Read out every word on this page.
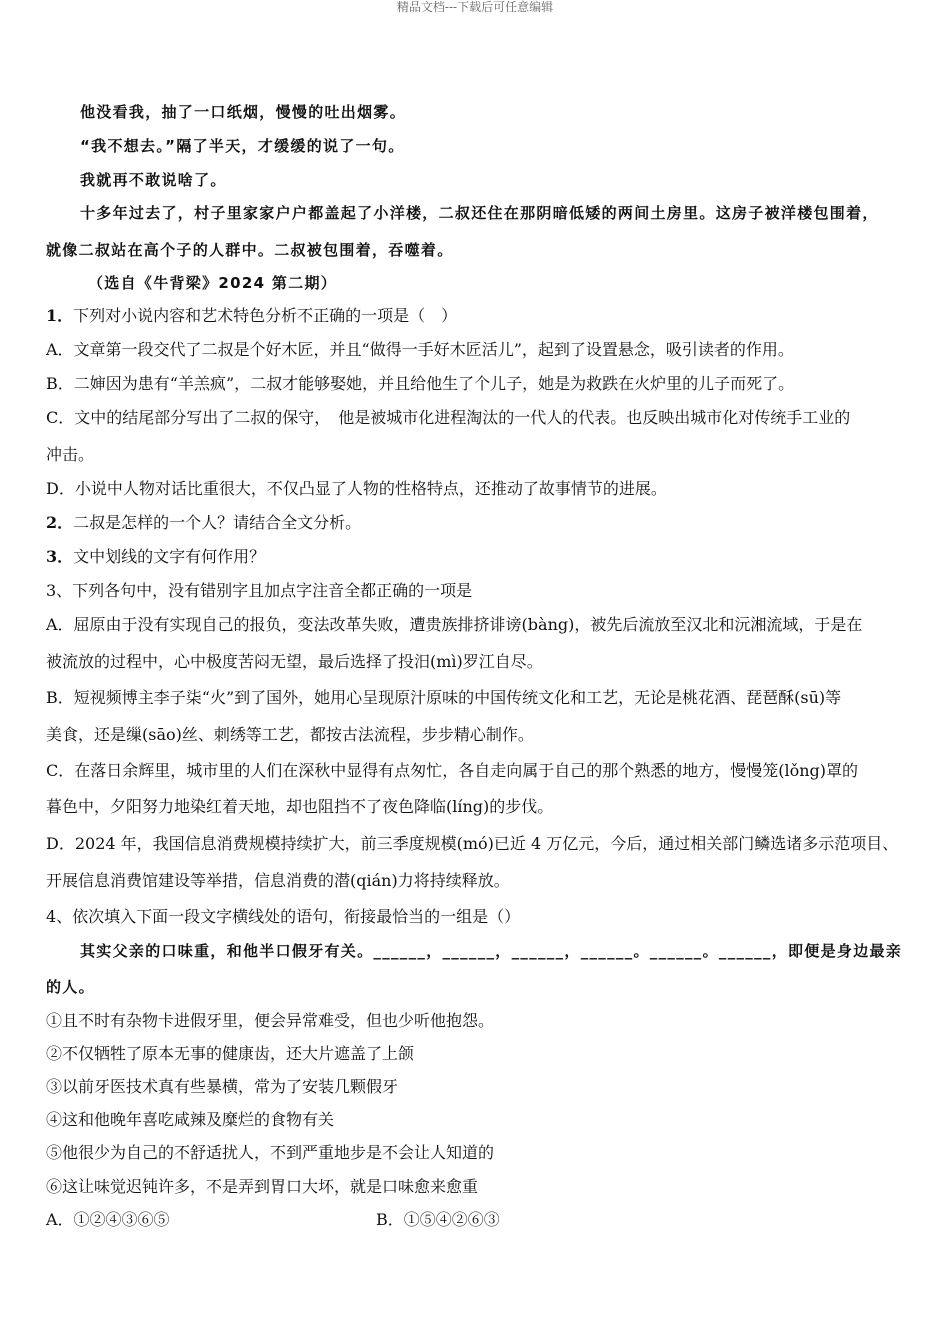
精品文档---下载后可任意编辑
他没看我，抽了一口纸烟，慢慢的吐出烟雾。
“我不想去。”隔了半天，才缓缓的说了一句。
我就再不敢说啥了。
十多年过去了，村子里家家户户都盖起了小洋楼，二叔还住在那阴暗低矮的两间土房里。这房子被洋楼包围着，
就像二叔站在高个子的人群中。二叔被包围着，吞噬着。
（选自《牛背梁》2024 第二期）
1．下列对小说内容和艺术特色分析不正确的一项是（　）
A．文章第一段交代了二叔是个好木匠，并且“做得一手好木匠活儿”，起到了设置悬念，吸引读者的作用。
B．二婶因为患有“羊羔疯”，二叔才能够娶她，并且给他生了个儿子，她是为救跌在火炉里的儿子而死了。
C．文中的结尾部分写出了二叔的保守，　他是被城市化进程淘汰的一代人的代表。也反映出城市化对传统手工业的
冲击。
D．小说中人物对话比重很大，不仅凸显了人物的性格特点，还推动了故事情节的进展。
2．二叔是怎样的一个人？请结合全文分析。
3．文中划线的文字有何作用？
3、下列各句中，没有错别字且加点字注音全都正确的一项是
A．屈原由于没有实现自己的报负，变法改革失败，遭贵族排挤诽谤(bàng)，被先后流放至汉北和沅湘流域，于是在
被流放的过程中，心中极度苦闷无望，最后选择了投汨(mì)罗江自尽。
B．短视频博主李子柒“火”到了国外，她用心呈现原汁原味的中国传统文化和工艺，无论是桃花酒、琵琶酥(sū)等
美食，还是缫(sāo)丝、刺绣等工艺，都按古法流程，步步精心制作。
C．在落日余辉里，城市里的人们在深秋中显得有点匆忙，各自走向属于自己的那个熟悉的地方，慢慢笼(lǒng)罩的
暮色中，夕阳努力地染红着天地，却也阻挡不了夜色降临(líng)的步伐。
D．2024 年，我国信息消费规模持续扩大，前三季度规模(mó)已近 4 万亿元，今后，通过相关部门鳞选诸多示范项目、
开展信息消费馆建设等举措，信息消费的潜(qián)力将持续释放。
4、依次填入下面一段文字横线处的语句，衔接最恰当的一组是（）
其实父亲的口味重，和他半口假牙有关。______，______，______，______。______。______，即便是身边最亲
的人。
①且不时有杂物卡进假牙里，便会异常难受，但也少听他抱怨。
②不仅牺牲了原本无事的健康齿，还大片遮盖了上颌
③以前牙医技术真有些暴横，常为了安装几颗假牙
④这和他晚年喜吃咸辣及糜烂的食物有关
⑤他很少为自己的不舒适扰人，不到严重地步是不会让人知道的
⑥这让味觉迟钝许多，不是弄到胃口大坏，就是口味愈来愈重
A．①②④③⑥⑤	B．①⑤④②⑥③
